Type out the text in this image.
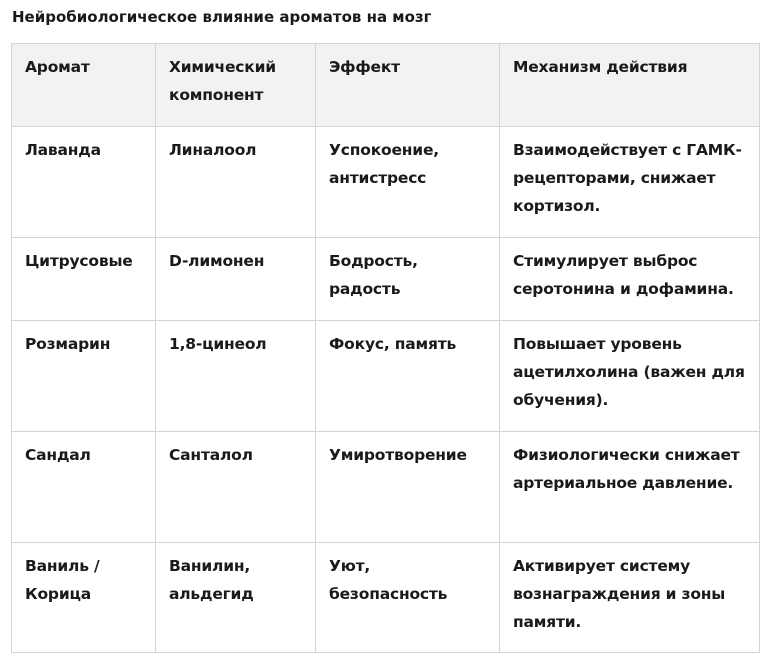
Нейробиологическое влияние ароматов на мозг
Аромат	Химический компонент	Эффект	Механизм действия
Лаванда	Линалоол	Успокоение, антистресс	Взаимодействует с ГАМК-рецепторами, снижает кортизол.
Цитрусовые	D-лимонен	Бодрость, радость	Стимулирует выброс серотонина и дофамина.
Розмарин	1,8-цинеол	Фокус, память	Повышает уровень ацетилхолина (важен для обучения).
Сандал	Санталол	Умиротворение	Физиологически снижает артериальное давление.
Ваниль / Корица	Ванилин, альдегид	Уют, безопасность	Активирует систему вознаграждения и зоны памяти.
